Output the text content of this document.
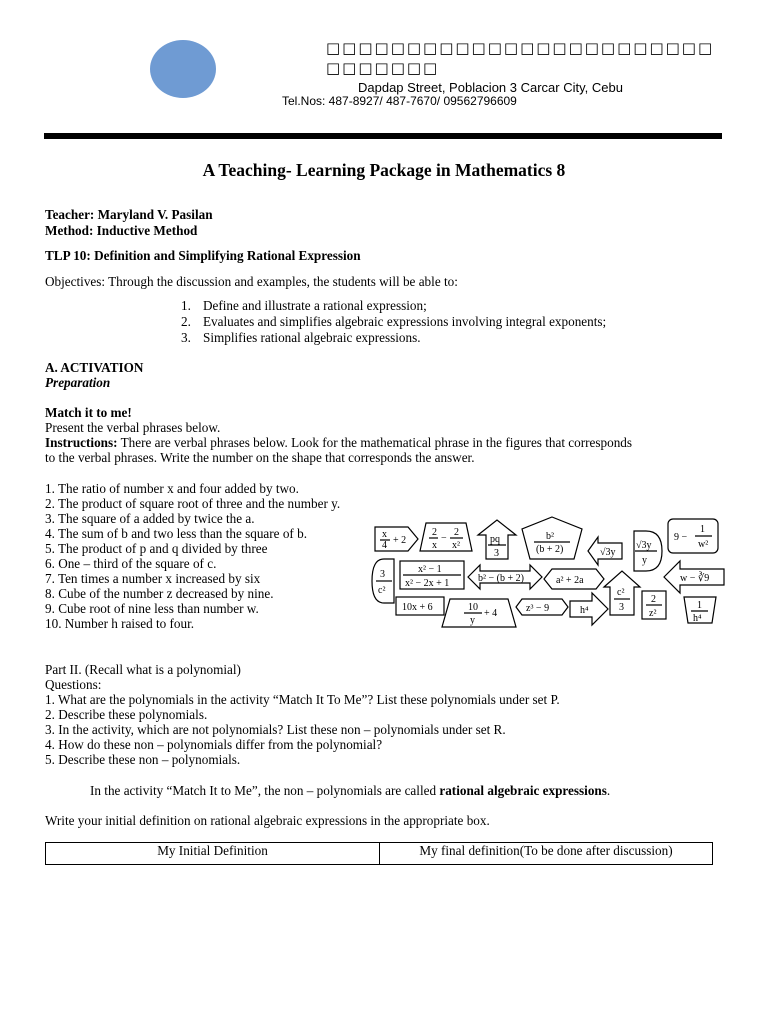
□□□□□□□□□□□□□□□□□□□□□□□□□□□□□□□
Dapdap Street, Poblacion 3 Carcar City, Cebu
Tel.Nos: 487-8927/ 487-7670/ 09562796609
A Teaching- Learning Package in Mathematics 8
Teacher: Maryland V. Pasilan
Method: Inductive Method
TLP 10: Definition and Simplifying Rational Expression
Objectives: Through the discussion and examples, the students will be able to:
1. Define and illustrate a rational expression;
2. Evaluates and simplifies algebraic expressions involving integral exponents;
3. Simplifies rational algebraic expressions.
A. ACTIVATION
Preparation
Match it to me!
Present the verbal phrases below.
Instructions: There are verbal phrases below. Look for the mathematical phrase in the figures that corresponds
to the verbal phrases. Write the number on the shape that corresponds the answer.
1. The ratio of number x and four added by two.
2. The product of square root of three and the number y.
3. The square of a added by twice the a.
4. The sum of b and two less than the square of b.
5. The product of p and q divided by three
6. One – third of the square of c.
7. Ten times a number x increased by six
8. Cube of the number z decreased by nine.
9. Cube root of nine less than number w.
10. Number h raised to four.
x
4 + 2
2
x
−
2
x²
pq
3
b²
(b + 2)	√3y
√3y
y
9 −
1
w²
3
c²
x² − 1
x² − 2x + 1	b² − (b + 2)	a² + 2a
c²
3
2
z²
w − ∛9
10x + 6	10
y
+ 4	z³ − 9	h⁴	1
h⁴
Part II. (Recall what is a polynomial)
Questions:
1. What are the polynomials in the activity “Match It To Me”? List these polynomials under set P.
2. Describe these polynomials.
3. In the activity, which are not polynomials? List these non – polynomials under set R.
4. How do these non – polynomials differ from the polynomial?
5. Describe these non – polynomials.
In the activity “Match It to Me”, the non – polynomials are called rational algebraic expressions.
Write your initial definition on rational algebraic expressions in the appropriate box.
My Initial Definition	My final definition(To be done after discussion)
